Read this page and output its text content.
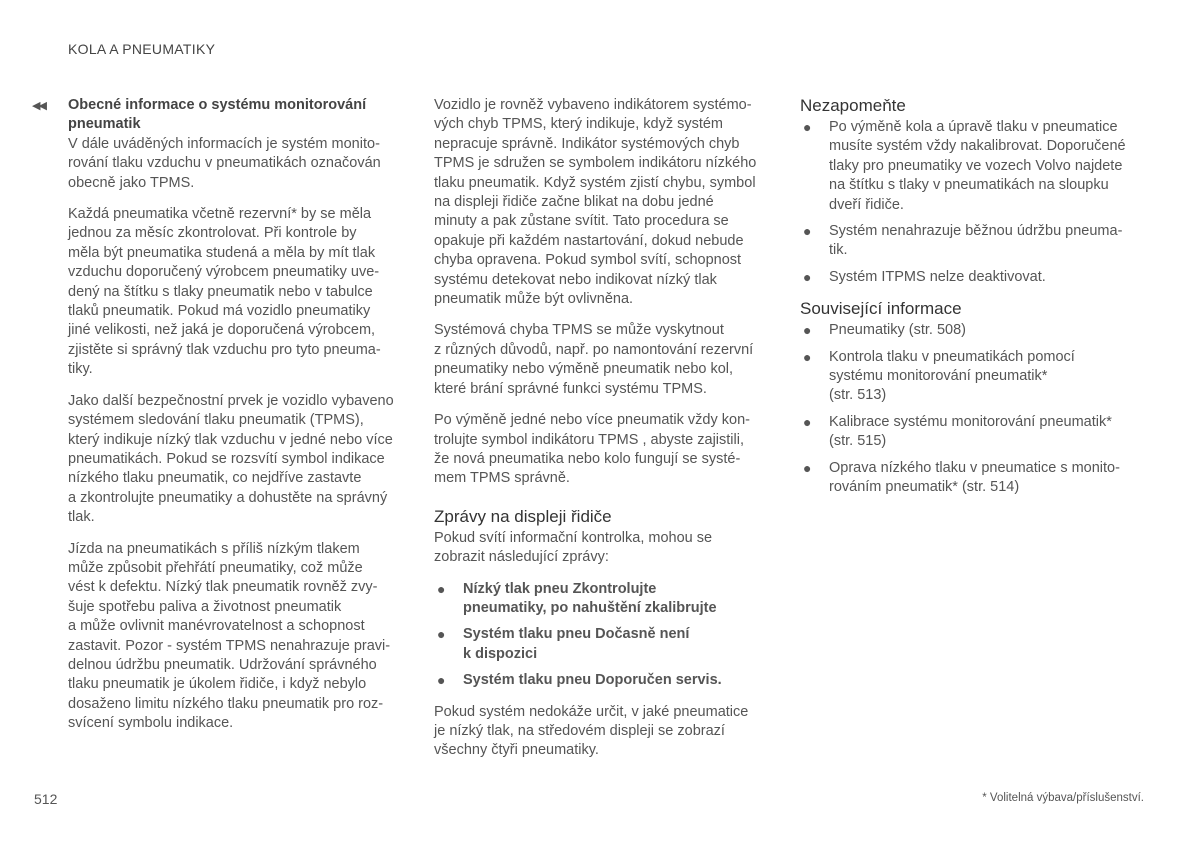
KOLA A PNEUMATIKY
◀◀ Obecné informace o systému monitorování
pneumatik

V dále uváděných informacích je systém monito-
rování tlaku vzduchu v pneumatikách označován
obecně jako TPMS.

Každá pneumatika včetně rezervní* by se měla
jednou za měsíc zkontrolovat. Při kontrole by
měla být pneumatika studená a měla by mít tlak
vzduchu doporučený výrobcem pneumatiky uve-
dený na štítku s tlaky pneumatik nebo v tabulce
tlaků pneumatik. Pokud má vozidlo pneumatiky
jiné velikosti, než jaká je doporučená výrobcem,
zjistěte si správný tlak vzduchu pro tyto pneuma-
tiky.

Jako další bezpečnostní prvek je vozidlo vybaveno
systémem sledování tlaku pneumatik (TPMS),
který indikuje nízký tlak vzduchu v jedné nebo více
pneumatikách. Pokud se rozsvítí symbol indikace
nízkého tlaku pneumatik, co nejdříve zastavte
a zkontrolujte pneumatiky a dohustěte na správný
tlak.

Jízda na pneumatikách s příliš nízkým tlakem
může způsobit přehřátí pneumatiky, což může
vést k defektu. Nízký tlak pneumatik rovněž zvy-
šuje spotřebu paliva a životnost pneumatik
a může ovlivnit manévrovatelnost a schopnost
zastavit. Pozor - systém TPMS nenahrazuje pravi-
delnou údržbu pneumatik. Udržování správného
tlaku pneumatik je úkolem řidiče, i když nebylo
dosaženo limitu nízkého tlaku pneumatik pro roz-
svícení symbolu indikace.

Vozidlo je rovněž vybaveno indikátorem systémo-
vých chyb TPMS, který indikuje, když systém
nepracuje správně. Indikátor systémových chyb
TPMS je sdružen se symbolem indikátoru nízkého
tlaku pneumatik. Když systém zjistí chybu, symbol
na displeji řidiče začne blikat na dobu jedné
minuty a pak zůstane svítit. Tato procedura se
opakuje při každém nastartování, dokud nebude
chyba opravena. Pokud symbol svítí, schopnost
systému detekovat nebo indikovat nízký tlak
pneumatik může být ovlivněna.

Systémová chyba TPMS se může vyskytnout
z různých důvodů, např. po namontování rezervní
pneumatiky nebo výměně pneumatik nebo kol,
které brání správné funkci systému TPMS.

Po výměně jedné nebo více pneumatik vždy kon-
trolujte symbol indikátoru TPMS , abyste zajistili,
že nová pneumatika nebo kolo fungují se systé-
mem TPMS správně.

Zprávy na displeji řidiče

Pokud svítí informační kontrolka, mohou se
zobrazit následující zprávy:

● Nízký tlak pneu Zkontrolujte
pneumatiky, po nahuštění zkalibrujte
● Systém tlaku pneu Dočasně není
k dispozici
● Systém tlaku pneu Doporučen servis.

Pokud systém nedokáže určit, v jaké pneumatice
je nízký tlak, na středovém displeji se zobrazí
všechny čtyři pneumatiky.

Nezapomeňte
● Po výměně kola a úpravě tlaku v pneumatice
musíte systém vždy nakalibrovat. Doporučené
tlaky pro pneumatiky ve vozech Volvo najdete
na štítku s tlaky v pneumatikách na sloupku
dveří řidiče.
● Systém nenahrazuje běžnou údržbu pneuma-
tik.
● Systém ITPMS nelze deaktivovat.
Související informace
● Pneumatiky (str. 508)
● Kontrola tlaku v pneumatikách pomocí
systému monitorování pneumatik*
(str. 513)
● Kalibrace systému monitorování pneumatik*
(str. 515)
● Oprava nízkého tlaku v pneumatice s monito-
rováním pneumatik* (str. 514)
512	* Volitelná výbava/příslušenství.
